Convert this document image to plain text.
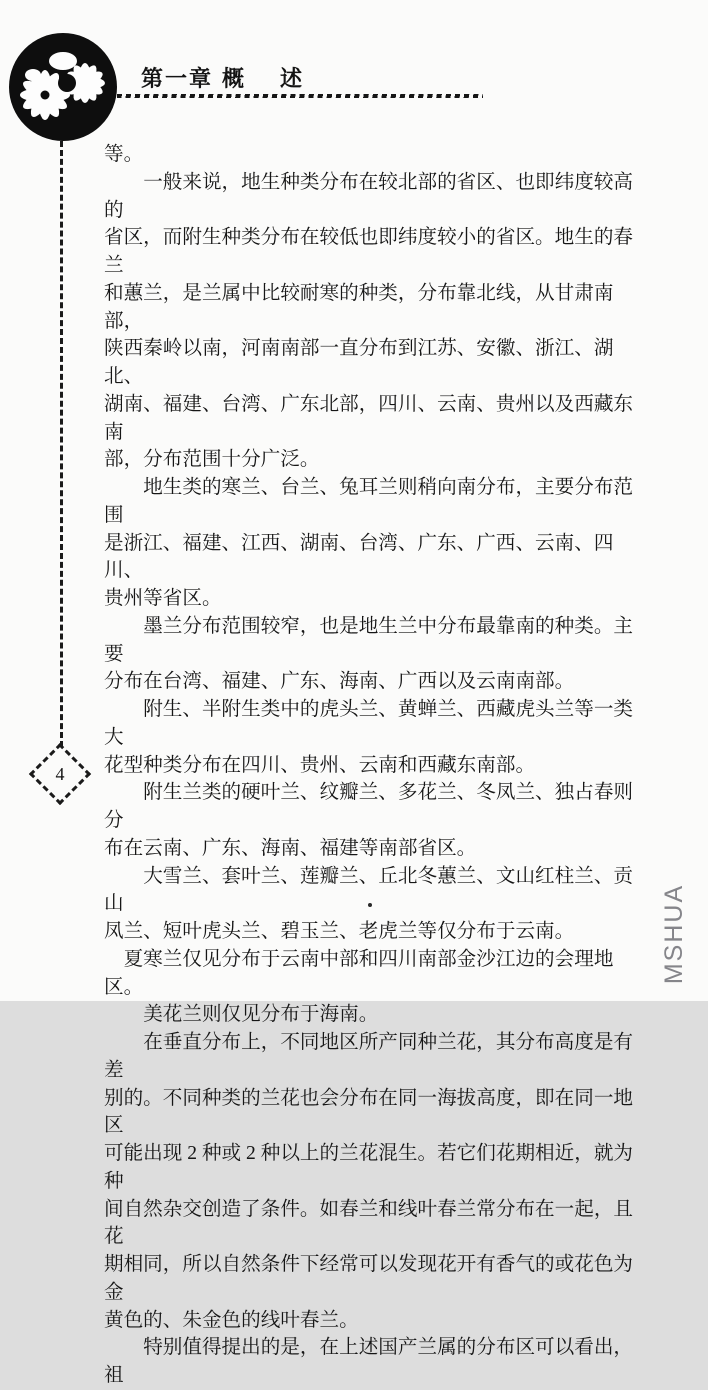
第一章 概 述
4
等。
一般来说，地生种类分布在较北部的省区、也即纬度较高的
省区，而附生种类分布在较低也即纬度较小的省区。地生的春兰
和蕙兰，是兰属中比较耐寒的种类，分布靠北线，从甘肃南部，
陕西秦岭以南，河南南部一直分布到江苏、安徽、浙江、湖北、
湖南、福建、台湾、广东北部，四川、云南、贵州以及西藏东南
部，分布范围十分广泛。
地生类的寒兰、台兰、兔耳兰则稍向南分布，主要分布范围
是浙江、福建、江西、湖南、台湾、广东、广西、云南、四川、
贵州等省区。
墨兰分布范围较窄，也是地生兰中分布最靠南的种类。主要
分布在台湾、福建、广东、海南、广西以及云南南部。
附生、半附生类中的虎头兰、黄蝉兰、西藏虎头兰等一类大
花型种类分布在四川、贵州、云南和西藏东南部。
附生兰类的硬叶兰、纹瓣兰、多花兰、冬凤兰、独占春则分
布在云南、广东、海南、福建等南部省区。
大雪兰、套叶兰、莲瓣兰、丘北冬蕙兰、文山红柱兰、贡山
凤兰、短叶虎头兰、碧玉兰、老虎兰等仅分布于云南。
夏寒兰仅见分布于云南中部和四川南部金沙江边的会理地
区。
美花兰则仅见分布于海南。
在垂直分布上，不同地区所产同种兰花，其分布高度是有差
别的。不同种类的兰花也会分布在同一海拔高度，即在同一地区
可能出现 2 种或 2 种以上的兰花混生。若它们花期相近，就为种
间自然杂交创造了条件。如春兰和线叶春兰常分布在一起，且花
期相同，所以自然条件下经常可以发现花开有香气的或花色为金
黄色的、朱金色的线叶春兰。
特别值得提出的是，在上述国产兰属的分布区可以看出，祖
MSHUA
